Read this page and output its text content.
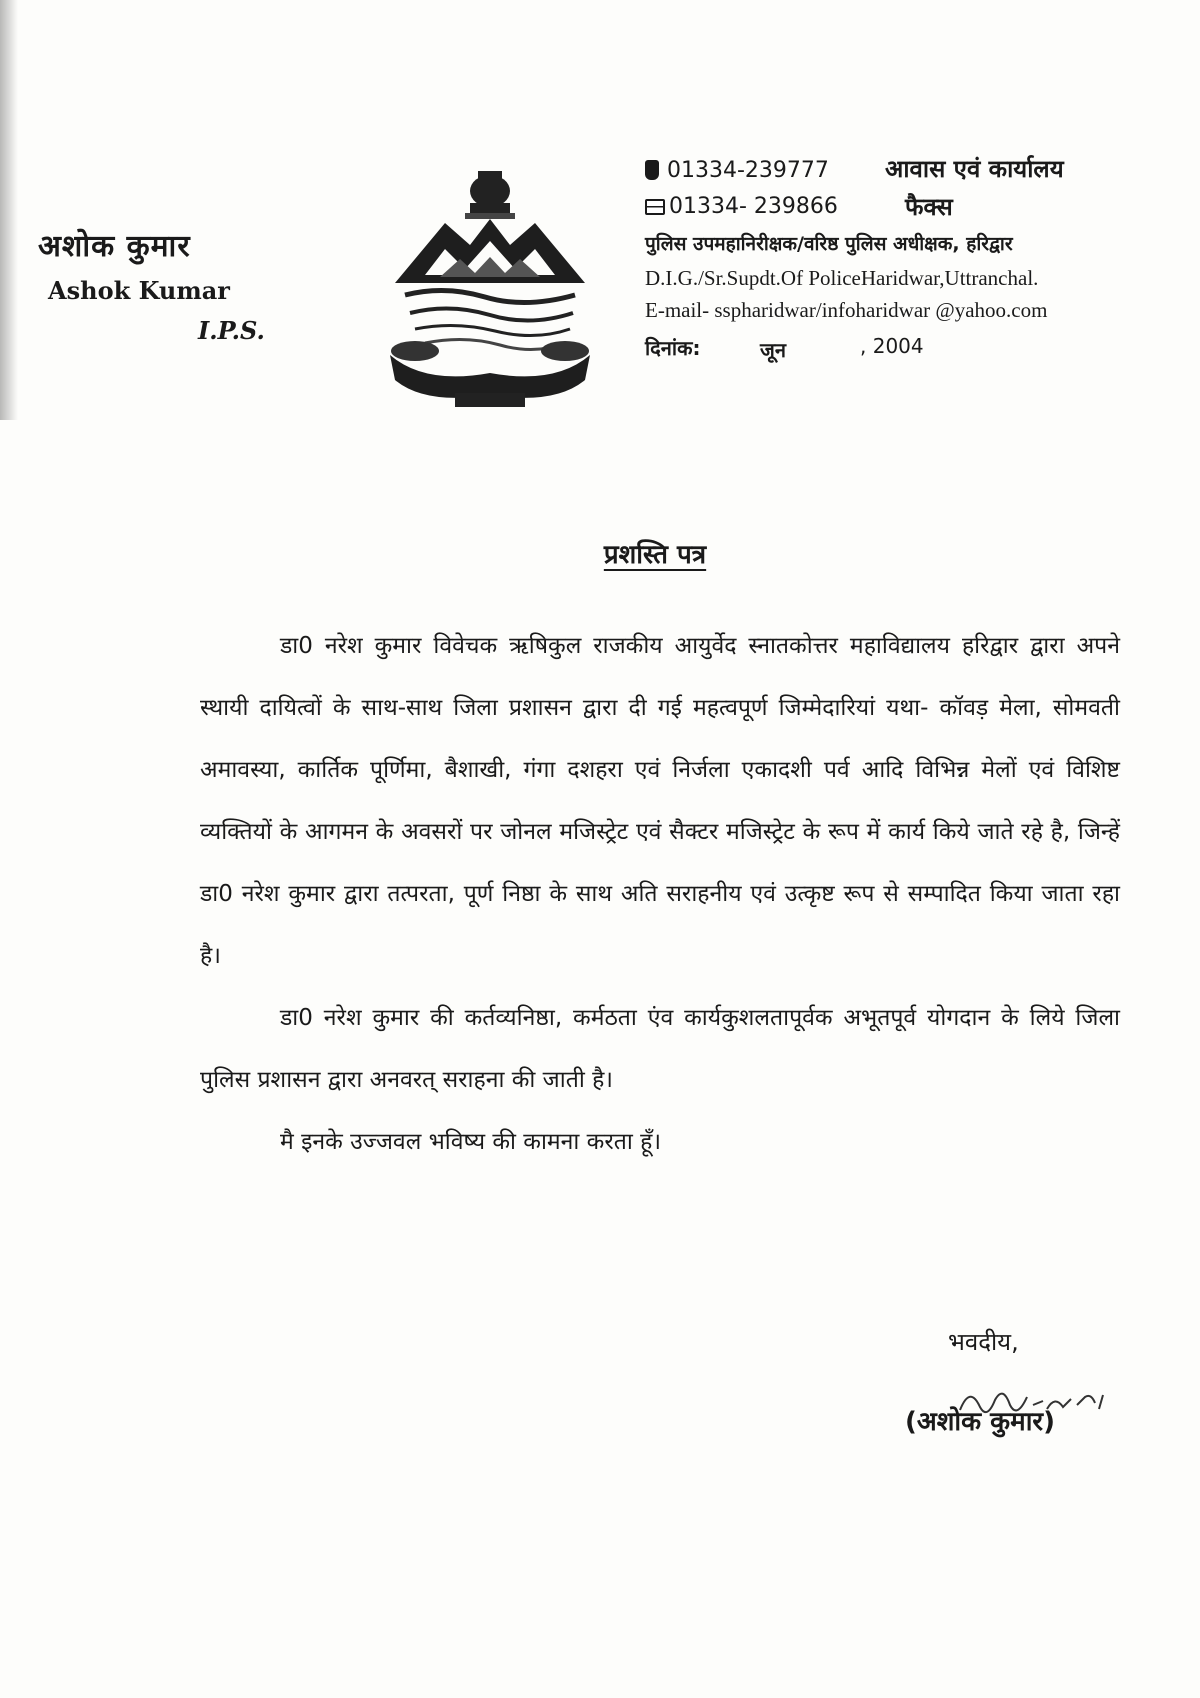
अशोक कुमार
Ashok Kumar
I.P.S.
01334-239777 आवास एवं कार्यालय
01334- 239866	फैक्स
पुलिस उपमहानिरीक्षक/वरिष्ठ पुलिस अधीक्षक, हरिद्वार
D.I.G./Sr.Supdt.Of PoliceHaridwar,Uttranchal.
E-mail- sspharidwar/infoharidwar @yahoo.com
दिनांक:	जून	, 2004
प्रशस्ति पत्र

डा0 नरेश कुमार विवेचक ऋषिकुल राजकीय आयुर्वेद स्नातकोत्तर महाविद्यालय हरिद्वार द्वारा अपने स्थायी दायित्वों के साथ-साथ जिला प्रशासन द्वारा दी गई महत्वपूर्ण जिम्मेदारियां यथा- कॉवड़ मेला, सोमवती अमावस्या, कार्तिक पूर्णिमा, बैशाखी, गंगा दशहरा एवं निर्जला एकादशी पर्व आदि विभिन्न मेलों एवं विशिष्ट व्यक्तियों के आगमन के अवसरों पर जोनल मजिस्ट्रेट एवं सैक्टर मजिस्ट्रेट के रूप में कार्य किये जाते रहे है, जिन्हें डा0 नरेश कुमार द्वारा तत्परता, पूर्ण निष्ठा के साथ अति सराहनीय एवं उत्कृष्ट रूप से सम्पादित किया जाता रहा है।

डा0 नरेश कुमार की कर्तव्यनिष्ठा, कर्मठता एंव कार्यकुशलतापूर्वक अभूतपूर्व योगदान के लिये जिला पुलिस प्रशासन द्वारा अनवरत् सराहना की जाती है।

मै इनके उज्जवल भविष्य की कामना करता हूँ।

भवदीय,
(अशोक कुमार)
